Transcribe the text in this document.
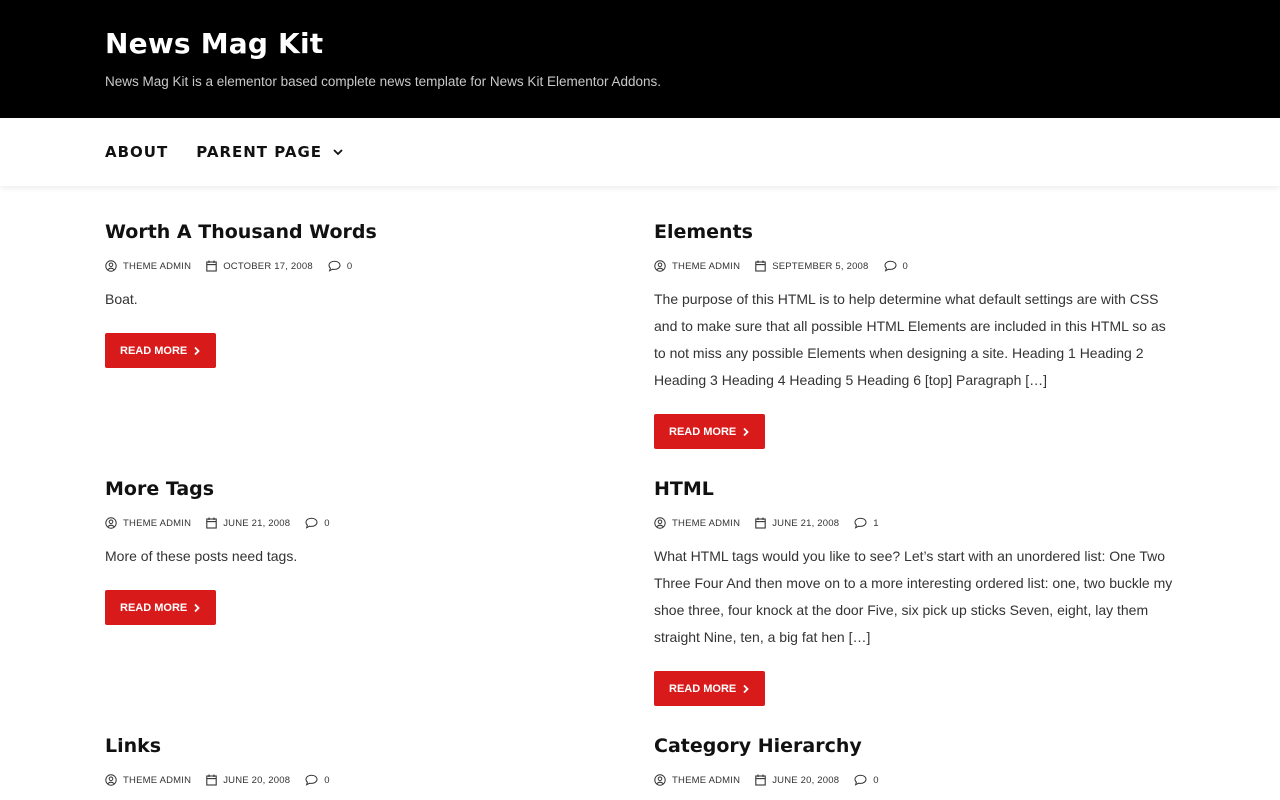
News Mag Kit
News Mag Kit is a elementor based complete news template for News Kit Elementor Addons.
ABOUT PARENT PAGE
Worth A Thousand Words
THEME ADMIN	OCTOBER 17, 2008	0

Boat.

READ MORE
Elements
THEME ADMIN	SEPTEMBER 5, 2008	0

The purpose of this HTML is to help determine what default settings are with CSS and to make sure that all possible HTML Elements are included in this HTML so as to not miss any possible Elements when designing a site. Heading 1 Heading 2 Heading 3 Heading 4 Heading 5 Heading 6 [top] Paragraph […]

READ MORE
More Tags
THEME ADMIN	JUNE 21, 2008	0

More of these posts need tags.

READ MORE
HTML
THEME ADMIN	JUNE 21, 2008	1

What HTML tags would you like to see? Let’s start with an unordered list: One Two Three Four And then move on to a more interesting ordered list: one, two buckle my shoe three, four knock at the door Five, six pick up sticks Seven, eight, lay them straight Nine, ten, a big fat hen […]

READ MORE
Links
THEME ADMIN	JUNE 20, 2008	0
Category Hierarchy
THEME ADMIN	JUNE 20, 2008	0
